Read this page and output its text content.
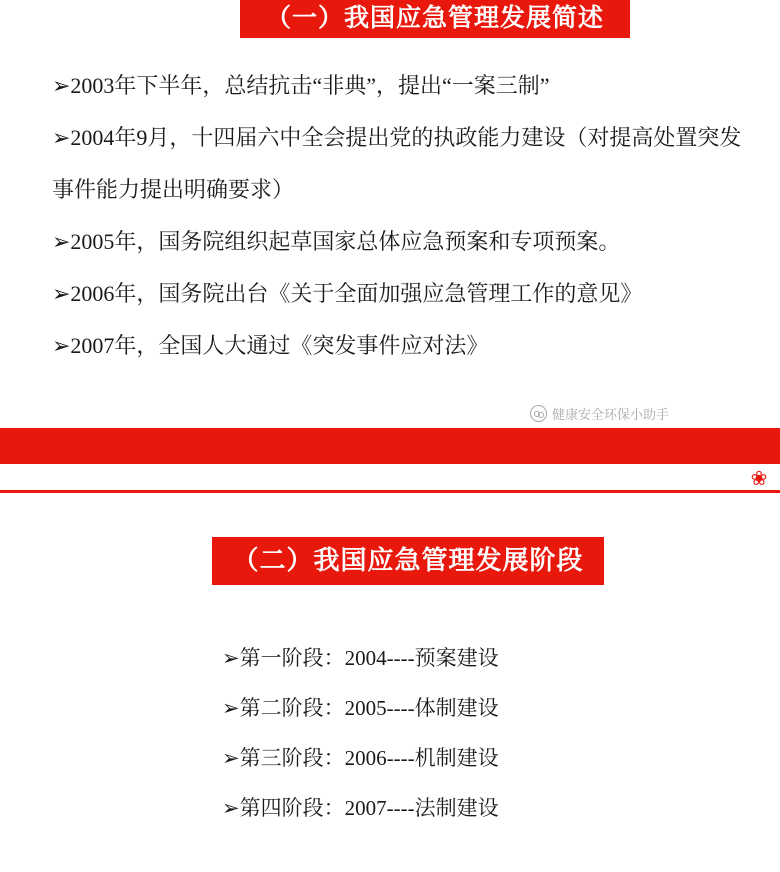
（一）我国应急管理发展简述
➢2003年下半年，总结抗击“非典”，提出“一案三制”
➢2004年9月，十四届六中全会提出党的执政能力建设（对提高处置突发事件能力提出明确要求）
➢2005年，国务院组织起草国家总体应急预案和专项预案。
➢2006年，国务院出台《关于全面加强应急管理工作的意见》
➢2007年，全国人大通过《突发事件应对法》
健康安全环保小助手
❀
（二）我国应急管理发展阶段
➢第一阶段：2004----预案建设
➢第二阶段：2005----体制建设
➢第三阶段：2006----机制建设
➢第四阶段：2007----法制建设
